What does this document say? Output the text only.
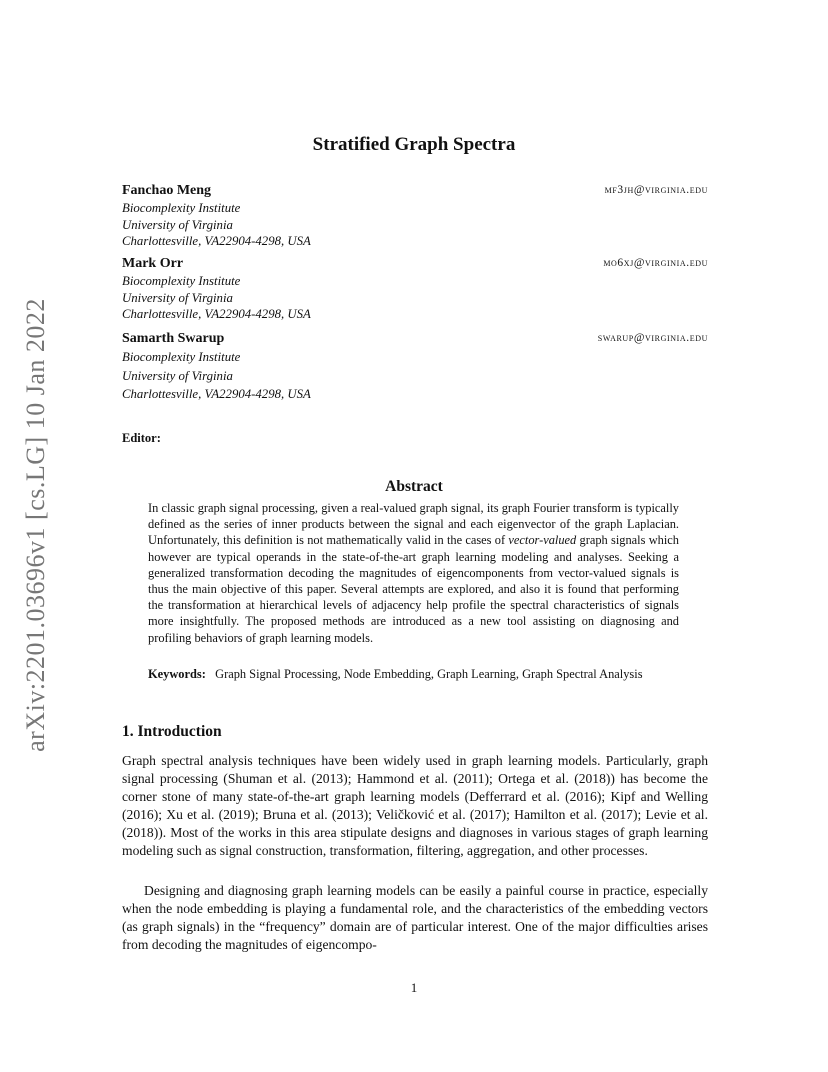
arXiv:2201.03696v1 [cs.LG] 10 Jan 2022
Stratified Graph Spectra
Fanchao Meng	mf3jh@virginia.edu
Biocomplexity Institute
University of Virginia
Charlottesville, VA22904-4298, USA
Mark Orr	mo6xj@virginia.edu
Biocomplexity Institute
University of Virginia
Charlottesville, VA22904-4298, USA
Samarth Swarup	swarup@virginia.edu
Biocomplexity Institute
University of Virginia
Charlottesville, VA22904-4298, USA
Editor:
Abstract
In classic graph signal processing, given a real-valued graph signal, its graph Fourier transform is typically defined as the series of inner products between the signal and each eigenvector of the graph Laplacian. Unfortunately, this definition is not mathematically valid in the cases of vector-valued graph signals which however are typical operands in the state-of-the-art graph learning modeling and analyses. Seeking a generalized transformation decoding the magnitudes of eigencomponents from vector-valued signals is thus the main objective of this paper. Several attempts are explored, and also it is found that performing the transformation at hierarchical levels of adjacency help profile the spectral characteristics of signals more insightfully. The proposed methods are introduced as a new tool assisting on diagnosing and profiling behaviors of graph learning models.
Keywords: Graph Signal Processing, Node Embedding, Graph Learning, Graph Spectral Analysis
1. Introduction
Graph spectral analysis techniques have been widely used in graph learning models. Particularly, graph signal processing (Shuman et al. (2013); Hammond et al. (2011); Ortega et al. (2018)) has become the corner stone of many state-of-the-art graph learning models (Defferrard et al. (2016); Kipf and Welling (2016); Xu et al. (2019); Bruna et al. (2013); Veličković et al. (2017); Hamilton et al. (2017); Levie et al. (2018)). Most of the works in this area stipulate designs and diagnoses in various stages of graph learning modeling such as signal construction, transformation, filtering, aggregation, and other processes.
Designing and diagnosing graph learning models can be easily a painful course in practice, especially when the node embedding is playing a fundamental role, and the characteristics of the embedding vectors (as graph signals) in the “frequency” domain are of particular interest. One of the major difficulties arises from decoding the magnitudes of eigencompo-
1
